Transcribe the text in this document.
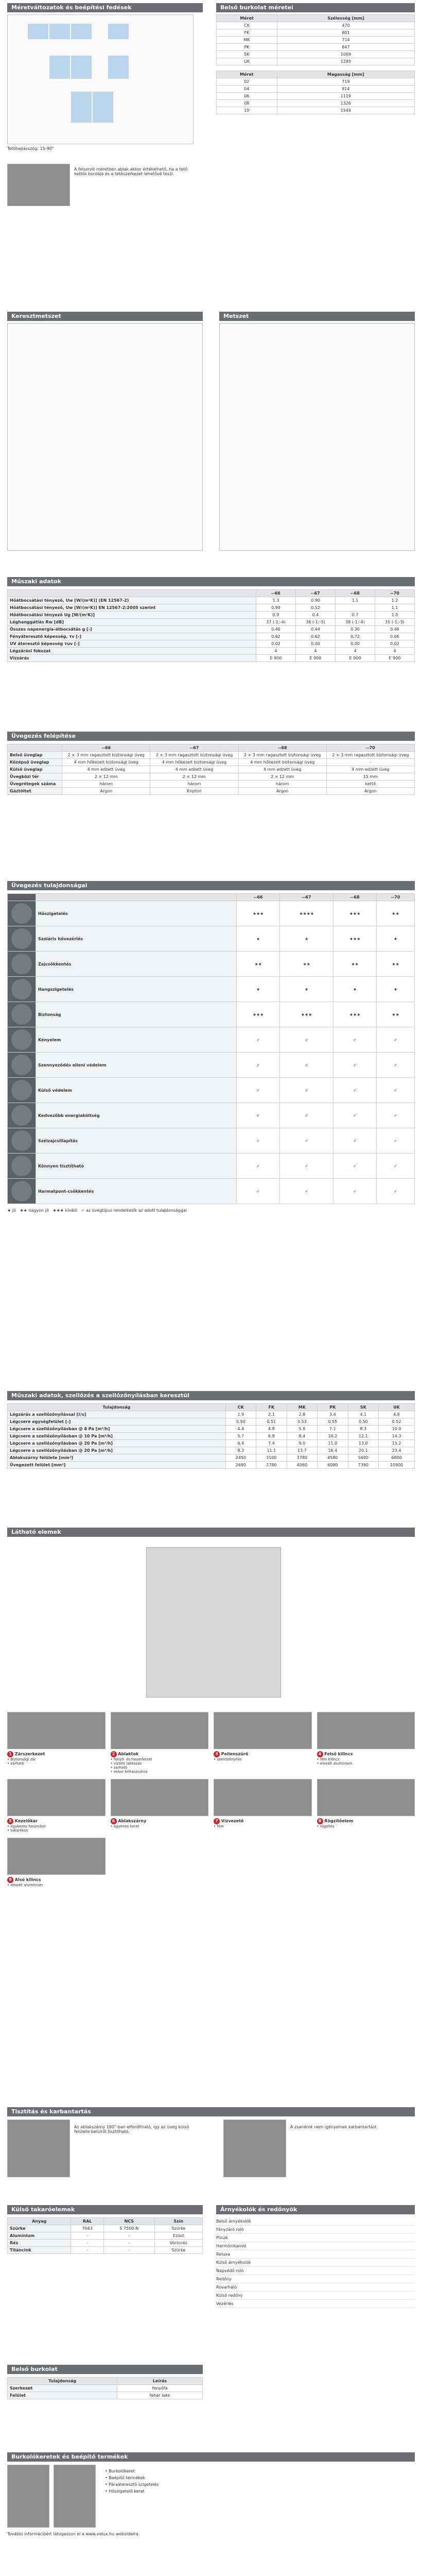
Méretváltozatok és beépítési fedések
Tetőhajlásszög: 15-90°
A felsorolt méretben ablak akkor értékelhető, ha a tető kettős bordája és a tetőszerkezet lehetővé teszi.
Belső burkolat méretei
Méret	Szélesség [mm]
CK	470
FK	601
MK	714
PK	847
SK	1069
UK	1285
Méret	Magasság [mm]
02	719
04	914
06	1119
08	1326
10	1549
Keresztmetszet	Metszet
Műszaki adatok
	--66	--67	--68	--70
Hőátbocsátási tényező, Uw [W/(m²K)] (EN 12567-2)	1.3	0.90	1.1	1.2
Hőátbocsátási tényező, Uw [W/(m²K)] EN 12567-2:2005 szerint	0.99	0.52		1.1
Hőátbocsátási tényező Ug [W/(m²K)]	0.9	0.4	0.7	1.0
Léghanggátlás Rw [dB]	37 (-1;-4)	36 (-1;-5)	38 (-1;-4)	35 (-1;-3)
Összes napenergia-átbocsátás g [-]	0.46	0.44	0.30	0.46
Fényáteresztő képesség, τv [-]	0.62	0.62	0.72	0.66
UV áteresztő képesség τuv [-]	0.02	0.00	0.00	0.02
Légzárási fokozat	4	4	4	4
Vízzárás	E 900	E 900	E 900	E 900
Üvegezés felépítése
	--66	--67	--68	--70
Belső üveglap	2 × 3 mm ragasztott biztonsági üveg	2 × 3 mm ragasztott biztonsági üveg	2 × 3 mm ragasztott biztonsági üveg	2 × 3 mm ragasztott biztonsági üveg
Középső üveglap	4 mm hőkezelt biztonsági üveg	4 mm hőkezelt biztonsági üveg	4 mm hőkezelt biztonsági üveg	-
Külső üveglap	4 mm edzett üveg	4 mm edzett üveg	4 mm edzett üveg	4 mm edzett üveg
Üvegközi tér	2 × 12 mm	2 × 12 mm	2 × 12 mm	15 mm
Üvegrétegek száma	három	három	három	kettő
Gáztöltet	Argon	Kripton	Argon	Argon
Üvegezés tulajdonságai
		--66	--67	--68	--70

	Hőszigetelés	★★★	★★★★	★★★	★★

	Szoláris hővezérlés	★	★	★★★	★

	Zajcsökkentés	★★	★★	★★	★★

	Hangszigetelés	★	★	★	★

	Biztonság	★★★	★★★	★★★	★★

	Kényelem	✓	✓	✓	✓

	Szennyeződés elleni védelem	✓	✓	✓	✓

	Külső védelem	✓	✓	✓	✓

	Kedvezőbb energiaköltség	✓	✓	✓	✓

	Szélzajcsillapítás	✓	✓	✓	✓

	Könnyen tisztítható	✓	✓	✓	✓

	Harmatpont-csökkentés	✓	✓	✓	✓
★ jó ★★ nagyon jó ★★★ kiváló ✓ az üvegtípus rendelkezik az adott tulajdonsággal
Műszaki adatok, szellőzés a szellőzőnyílásban keresztül
Tulajdonság	CK	FK	MK	PK	SK	UK
Légzárás a szellőzőnyílással [ℓ/s]	1.9	2.1	2.8	3.4	4.1	4.8
Légcsere egységfelület [-]	0.50	0.51	0.53	0.55	0.50	0.52
Légcsere a szellőzőnyílásban @ 8 Pa [m³/h]	4.4	4.8	5.8	7.1	8.3	10.0
Légcsere a szellőzőnyílásban @ 10 Pa [m³/h]	5.7	6.9	8.4	10.2	12.1	14.3
Légcsere a szellőzőnyílásban @ 20 Pa [m³/h]	6.4	7.4	9.0	11.0	13.0	15.2
Légcsere a szellőzőnyílásban @ 20 Pa [m³/h]	8.3	11.1	13.7	16.4	20.1	23.4
Ablakszárny felülete [mm²]	2450	3100	3780	4580	5600	6800
Üvegezett felület [mm²]	2690	2780	4060	6090	7390	10900
Látható elemek
1 Zárszerkezet
• Biztonsági zár
• zárható
2 Ablaktok
• fenyő- és faszerkezet
• vízálló lakkozás
• zárható
• ekkor felhasználva
3 Pollenszűrő
• szellőzőnyílás
4 Felső kilincs
• fém kilincs
• eloxált alumínium
5 Kezelőkar
• egykezes használat
• takarékos
6 Ablakszárny
• egyenes keret
7 Vízvezető
• fém
8 Rögzítőelem
• rögzítés
9 Alsó kilincs
• eloxált alumínium
Tisztítás és karbantartás
Az ablakszárny 180°-ban elfordítható, így az üveg külső felülete belülről tisztítható.
A zsanérok nem igényelnek karbantartást.
Külső takaróelemek
Anyag	RAL	NCS	Szín
Szürke	7043	S 7500-N	Szürke
Alumínium	-	-	Ezüst
Réz	-	-	Vörösréz
Titáncink	-	-	Szürke
Árnyékolók és redőnyök
Belső árnyékolók
Fényzáró roló
Pliszé
Harmónikaroló
Reluxa
Külső árnyékolók
Napvédő roló
Redőny
Rovarháló
Külső redőny
Vezérlés
Belső burkolat
Tulajdonság	Leírás
Szerkezet	fenyőfa
Felület	fehér lakk
Burkolókeretek és beépítő termékek
• Burkolókeret
• Beépítő termékek
• Páraáteresztő szigetelés
• Hőszigetelő keret
További információért látogasson el a www.velux.hu weboldalra.
